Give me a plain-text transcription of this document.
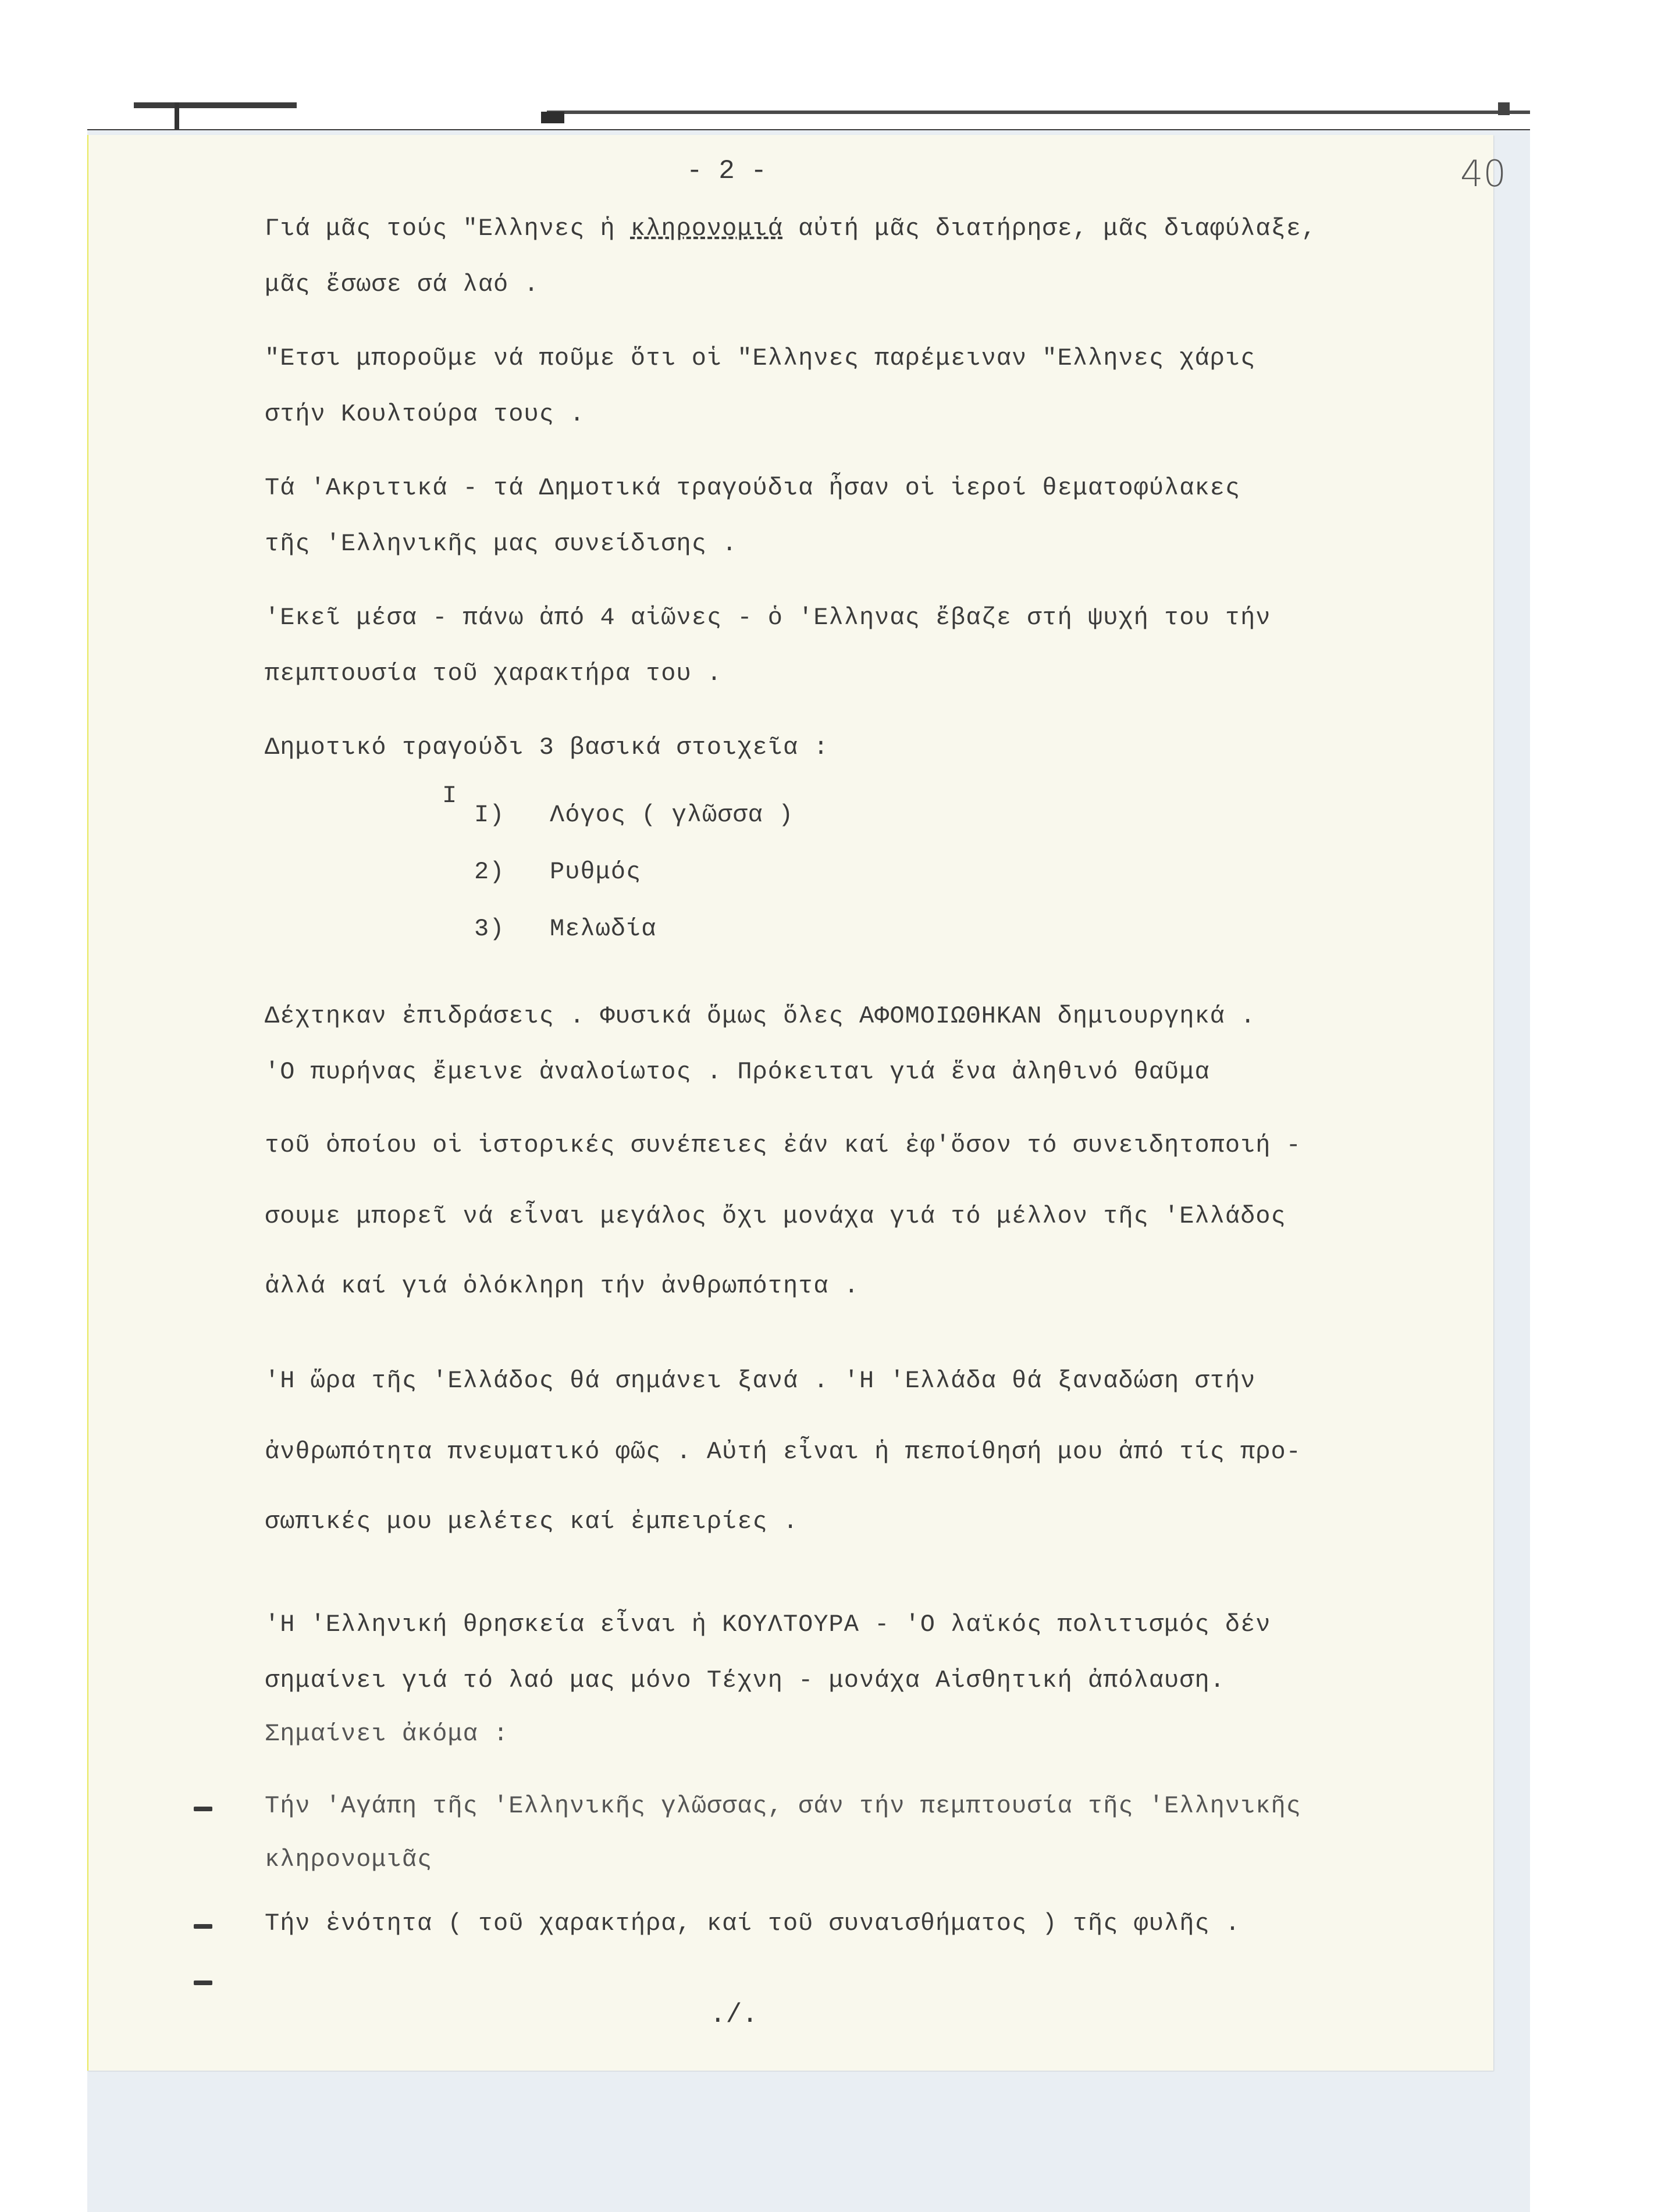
- 2 -	40
Γιά μᾶς τούς "Ελληνες ἡ κληρονομιά αὐτή μᾶς διατήρησε, μᾶς διαφύλαξε,
μᾶς ἔσωσε σά λαό .
"Ετσι μποροῦμε νά ποῦμε ὅτι οἱ "Ελληνες παρέμειναν "Ελληνες χάρις
στήν Κουλτούρα τους .
Τά 'Ακριτικά - τά Δημοτικά τραγούδια ἦσαν οἱ ἱεροί θεματοφύλακες
τῆς 'Ελληνικῆς μας συνείδισης .
'Εκεῖ μέσα - πάνω ἀπό 4 αἰῶνες - ὁ 'Ελληνας ἔβαζε στή ψυχή του τήν
πεμπτουσία τοῦ χαρακτήρα του .
Δημοτικό τραγούδι 3 βασικά στοιχεῖα :
I
I) Λόγος ( γλῶσσα )
2) Ρυθμός
3) Μελωδία
Δέχτηκαν ἐπιδράσεις . Φυσικά ὅμως ὅλες ΑΦΟΜΟΙΩΘΗΚΑΝ δημιουργηκά .
'Ο πυρήνας ἔμεινε ἀναλοίωτος . Πρόκειται γιά ἕνα ἀληθινό θαῦμα
τοῦ ὁποίου οἱ ἱστορικές συνέπειες ἐάν καί ἐφ'ὅσον τό συνειδητοποιή -
σουμε μπορεῖ νά εἶναι μεγάλος ὄχι μονάχα γιά τό μέλλον τῆς 'Ελλάδος
ἀλλά καί γιά ὁλόκληρη τήν ἀνθρωπότητα .
'Η ὥρα τῆς 'Ελλάδος θά σημάνει ξανά . 'Η 'Ελλάδα θά ξαναδώση στήν
ἀνθρωπότητα πνευματικό φῶς . Αὐτή εἶναι ἡ πεποίθησή μου ἀπό τίς προ-
σωπικές μου μελέτες καί ἐμπειρίες .
'Η 'Ελληνική θρησκεία εἶναι ἡ ΚΟΥΛΤΟΥΡΑ - 'Ο λαϊκός πολιτισμός δέν
σημαίνει γιά τό λαό μας μόνο Τέχνη - μονάχα Αἰσθητική ἀπόλαυση.
Σημαίνει ἀκόμα :
Τήν 'Αγάπη τῆς 'Ελληνικῆς γλῶσσας, σάν τήν πεμπτουσία τῆς 'Ελληνικῆς
κληρονομιᾶς
Τήν ἑνότητα ( τοῦ χαρακτήρα, καί τοῦ συναισθήματος ) τῆς φυλῆς .
./.
